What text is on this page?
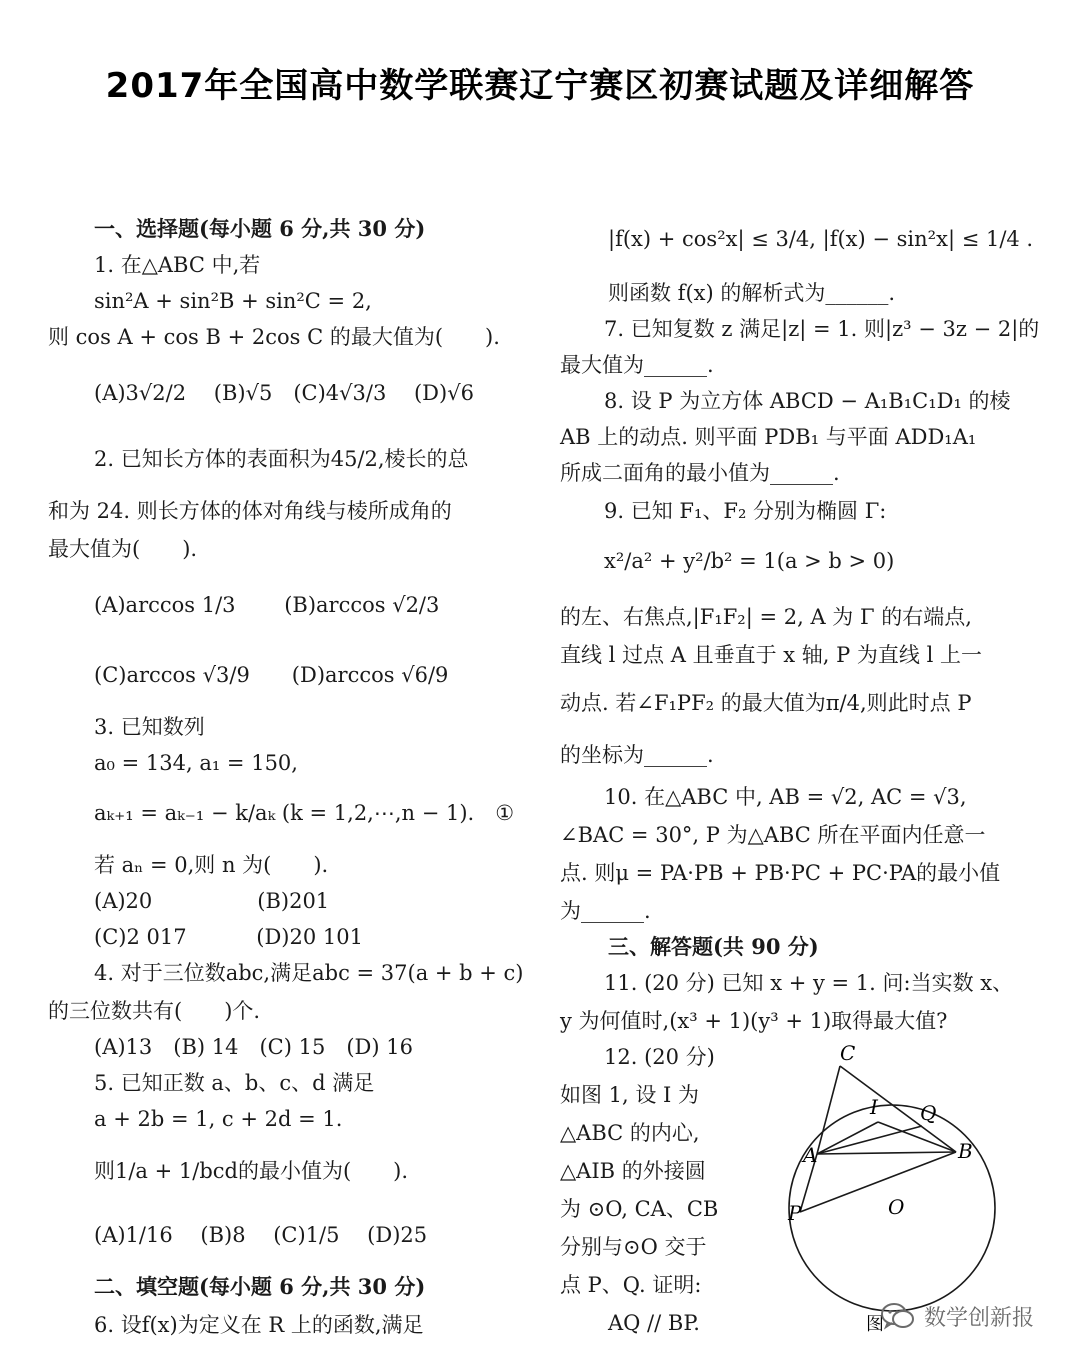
2017年全国高中数学联赛辽宁赛区初赛试题及详细解答
一、选择题(每小题 6 分,共 30 分)
1. 在△ABC 中,若
sin²A + sin²B + sin²C = 2,
则 cos A + cos B + 2cos C 的最大值为(　　).
(A)3√2/2　 (B)√5　(C)4√3/3　 (D)√6
2. 已知长方体的表面积为45/2,棱长的总
和为 24. 则长方体的体对角线与棱所成角的
最大值为(　　).
(A)arccos 1/3　　 (B)arccos √2/3
(C)arccos √3/9　　(D)arccos √6/9
3. 已知数列
a₀ = 134, a₁ = 150,
aₖ₊₁ = aₖ₋₁ − k/aₖ (k = 1,2,⋯,n − 1).　①
若 aₙ = 0,则 n 为(　　).
(A)20　　　　　(B)201
(C)2 017　　　 (D)20 101
4. 对于三位数abc,满足abc = 37(a + b + c)
的三位数共有(　　)个.
(A)13　(B) 14　(C) 15　(D) 16
5. 已知正数 a、b、c、d 满足
a + 2b = 1, c + 2d = 1.
则1/a + 1/bcd的最小值为(　　).
(A)1/16　 (B)8　 (C)1/5　 (D)25
二、填空题(每小题 6 分,共 30 分)
6. 设f(x)为定义在 R 上的函数,满足
|f(x) + cos²x| ≤ 3/4, |f(x) − sin²x| ≤ 1/4 .
则函数 f(x) 的解析式为______.
7. 已知复数 z 满足|z| = 1. 则|z³ − 3z − 2|的
最大值为______.
8. 设 P 为立方体 ABCD − A₁B₁C₁D₁ 的棱
AB 上的动点. 则平面 PDB₁ 与平面 ADD₁A₁
所成二面角的最小值为______.
9. 已知 F₁、F₂ 分别为椭圆 Γ:
x²/a² + y²/b² = 1(a > b > 0)
的左、右焦点,|F₁F₂| = 2, A 为 Γ 的右端点,
直线 l 过点 A 且垂直于 x 轴, P 为直线 l 上一
动点. 若∠F₁PF₂ 的最大值为π/4,则此时点 P
的坐标为______.
10. 在△ABC 中, AB = √2, AC = √3,
∠BAC = 30°, P 为△ABC 所在平面内任意一
点. 则μ = PA·PB + PB·PC + PC·PA的最小值
为______.
三、解答题(共 90 分)
11. (20 分) 已知 x + y = 1. 问:当实数 x、
y 为何值时,(x³ + 1)(y³ + 1)取得最大值?
12. (20 分)
如图 1, 设 I 为
△ABC 的内心,
△AIB 的外接圆
为 ⊙O, CA、CB
分别与⊙O 交于
点 P、Q. 证明:
AQ // BP.
C
I Q
A	B
O
P
图 数学创新报
